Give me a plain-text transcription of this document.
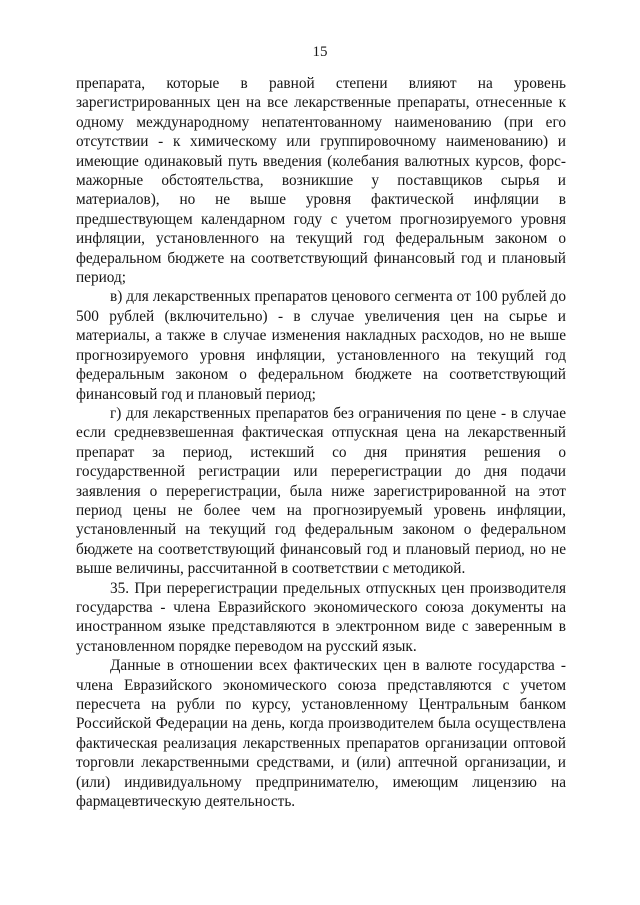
15

препарата, которые в равной степени влияют на уровень зарегистрированных цен на все лекарственные препараты, отнесенные к одному международному непатентованному наименованию (при его отсутствии - к химическому или группировочному наименованию) и имеющие одинаковый путь введения (колебания валютных курсов, форс-мажорные обстоятельства, возникшие у поставщиков сырья и материалов), но не выше уровня фактической инфляции в предшествующем календарном году с учетом прогнозируемого уровня инфляции, установленного на текущий год федеральным законом о федеральном бюджете на соответствующий финансовый год и плановый период;

в) для лекарственных препаратов ценового сегмента от 100 рублей до 500 рублей (включительно) - в случае увеличения цен на сырье и материалы, а также в случае изменения накладных расходов, но не выше прогнозируемого уровня инфляции, установленного на текущий год федеральным законом о федеральном бюджете на соответствующий финансовый год и плановый период;

г) для лекарственных препаратов без ограничения по цене - в случае если средневзвешенная фактическая отпускная цена на лекарственный препарат за период, истекший со дня принятия решения о государственной регистрации или перерегистрации до дня подачи заявления о перерегистрации, была ниже зарегистрированной на этот период цены не более чем на прогнозируемый уровень инфляции, установленный на текущий год федеральным законом о федеральном бюджете на соответствующий финансовый год и плановый период, но не выше величины, рассчитанной в соответствии с методикой.

35. При перерегистрации предельных отпускных цен производителя государства - члена Евразийского экономического союза документы на иностранном языке представляются в электронном виде с заверенным в установленном порядке переводом на русский язык.

Данные в отношении всех фактических цен в валюте государства - члена Евразийского экономического союза представляются с учетом пересчета на рубли по курсу, установленному Центральным банком Российской Федерации на день, когда производителем была осуществлена фактическая реализация лекарственных препаратов организации оптовой торговли лекарственными средствами, и (или) аптечной организации, и (или) индивидуальному предпринимателю, имеющим лицензию на фармацевтическую деятельность.
